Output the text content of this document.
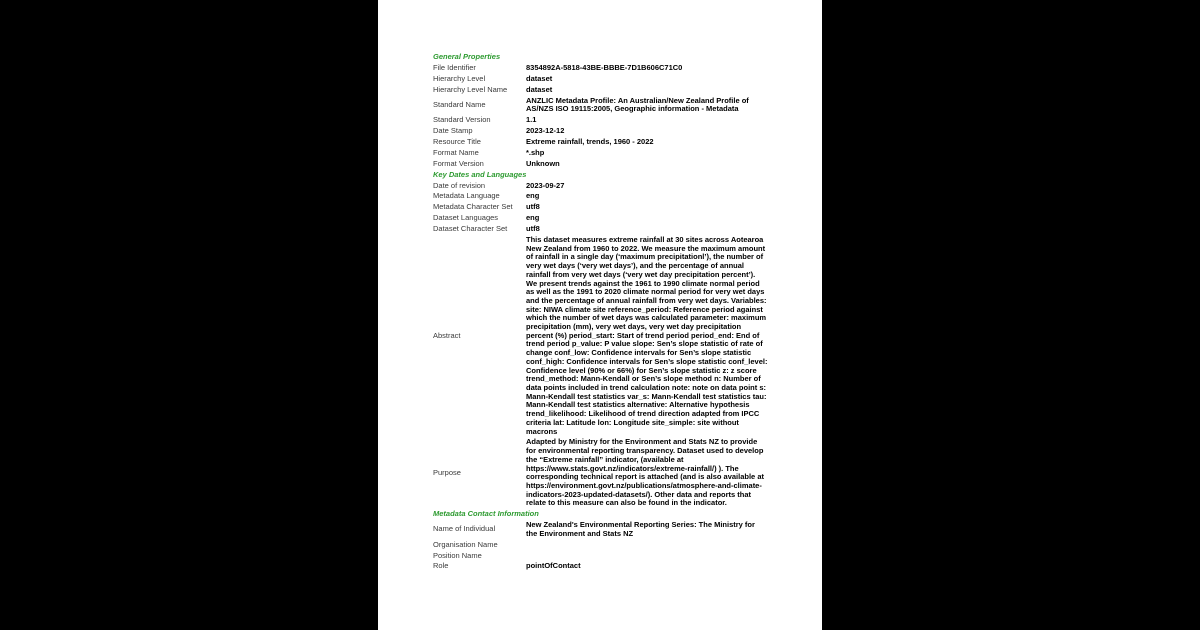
General Properties
File Identifier	8354892A-5818-43BE-BBBE-7D1B606C71C0
Hierarchy Level	dataset
Hierarchy Level Name	dataset
Standard Name	ANZLIC Metadata Profile: An Australian/New Zealand Profile of AS/NZS ISO 19115:2005, Geographic information - Metadata
Standard Version	1.1
Date Stamp	2023-12-12
Resource Title	Extreme rainfall, trends, 1960 - 2022
Format Name	*.shp
Format Version	Unknown
Key Dates and Languages
Date of revision	2023-09-27
Metadata Language	eng
Metadata Character Set	utf8
Dataset Languages	eng
Dataset Character Set	utf8
Abstract
This dataset measures extreme rainfall at 30 sites across Aotearoa New Zealand from 1960 to 2022. We measure the maximum amount of rainfall in a single day (‘maximum precipitationl’), the number of very wet days (‘very wet days’), and the percentage of annual rainfall from very wet days (‘very wet day precipitation percent’). We present trends against the 1961 to 1990 climate normal period as well as the 1991 to 2020 climate normal period for very wet days and the percentage of annual rainfall from very wet days. Variables: site: NIWA climate site reference_period: Reference period against which the number of wet days was calculated parameter: maximum precipitation (mm), very wet days, very wet day precipitation percent (%) period_start: Start of trend period period_end: End of trend period p_value: P value slope: Sen’s slope statistic of rate of change conf_low: Confidence intervals for Sen’s slope statistic conf_high: Confidence intervals for Sen’s slope statistic conf_level: Confidence level (90% or 66%) for Sen’s slope statistic z: z score trend_method: Mann-Kendall or Sen’s slope method n: Number of data points included in trend calculation note: note on data point s: Mann-Kendall test statistics var_s: Mann-Kendall test statistics tau: Mann-Kendall test statistics alternative: Alternative hypothesis trend_likelihood: Likelihood of trend direction adapted from IPCC criteria lat: Latitude lon: Longitude site_simple: site without macrons
Purpose
Adapted by Ministry for the Environment and Stats NZ to provide for environmental reporting transparency. Dataset used to develop the “Extreme rainfall” indicator, (available at https://www.stats.govt.nz/indicators/extreme-rainfall/) ). The corresponding technical report is attached (and is also available at https://environment.govt.nz/publications/atmosphere-and-climate-indicators-2023-updated-datasets/). Other data and reports that relate to this measure can also be found in the indicator.
Metadata Contact Information
Name of Individual	New Zealand's Environmental Reporting Series: The Ministry for the Environment and Stats NZ
Organisation Name
Position Name
Role	pointOfContact
